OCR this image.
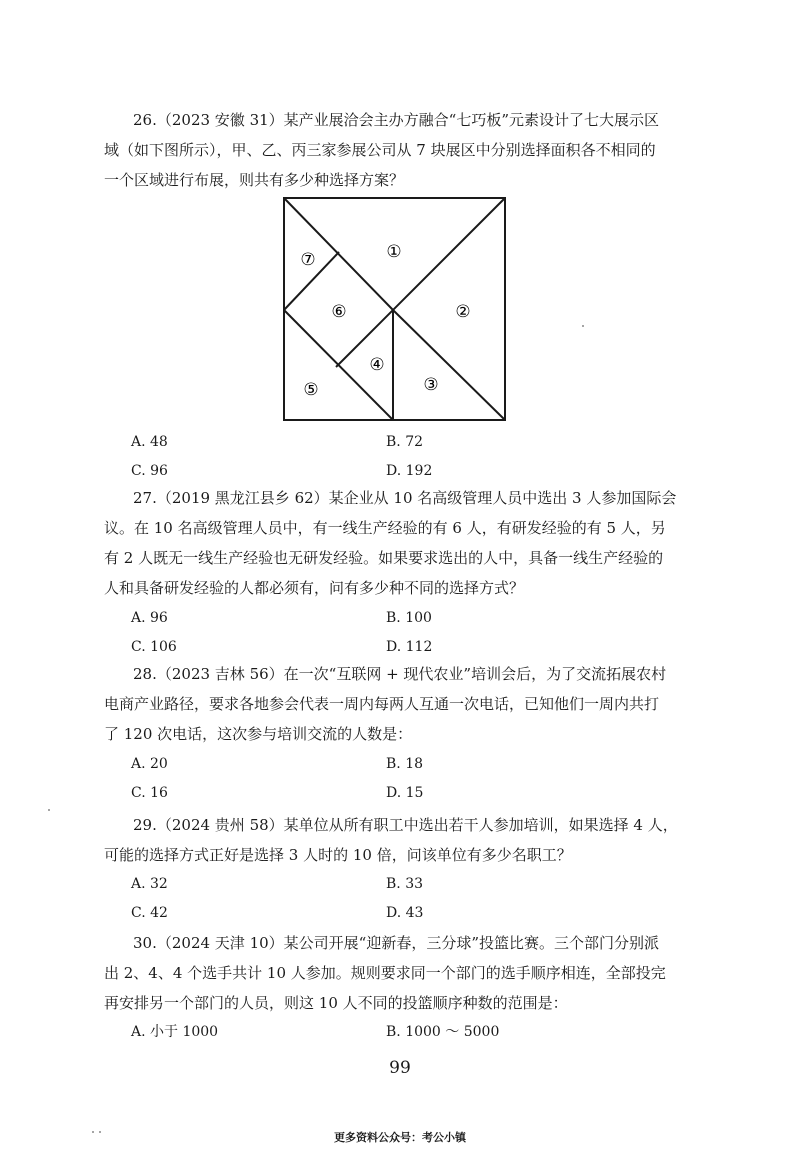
26.（2023 安徽 31）某产业展洽会主办方融合“七巧板”元素设计了七大展示区
域（如下图所示），甲、乙、丙三家参展公司从 7 块展区中分别选择面积各不相同的
一个区域进行布展，则共有多少种选择方案？
①
②
③
④
⑤
⑥
⑦
A. 48	B. 72
C. 96	D. 192
27.（2019 黑龙江县乡 62）某企业从 10 名高级管理人员中选出 3 人参加国际会
议。在 10 名高级管理人员中，有一线生产经验的有 6 人，有研发经验的有 5 人，另
有 2 人既无一线生产经验也无研发经验。如果要求选出的人中，具备一线生产经验的
人和具备研发经验的人都必须有，问有多少种不同的选择方式？
A. 96	B. 100
C. 106	D. 112
28.（2023 吉林 56）在一次“互联网 + 现代农业”培训会后，为了交流拓展农村
电商产业路径，要求各地参会代表一周内每两人互通一次电话，已知他们一周内共打
了 120 次电话，这次参与培训交流的人数是：
A. 20	B. 18
C. 16	D. 15
29.（2024 贵州 58）某单位从所有职工中选出若干人参加培训，如果选择 4 人，
可能的选择方式正好是选择 3 人时的 10 倍，问该单位有多少名职工？
A. 32	B. 33
C. 42	D. 43
30.（2024 天津 10）某公司开展“迎新春，三分球”投篮比赛。三个部门分别派
出 2、4、4 个选手共计 10 人参加。规则要求同一个部门的选手顺序相连，全部投完
再安排另一个部门的人员，则这 10 人不同的投篮顺序种数的范围是：
A. 小于 1000	B. 1000 ～ 5000
99
更多资料公众号：考公小镇
